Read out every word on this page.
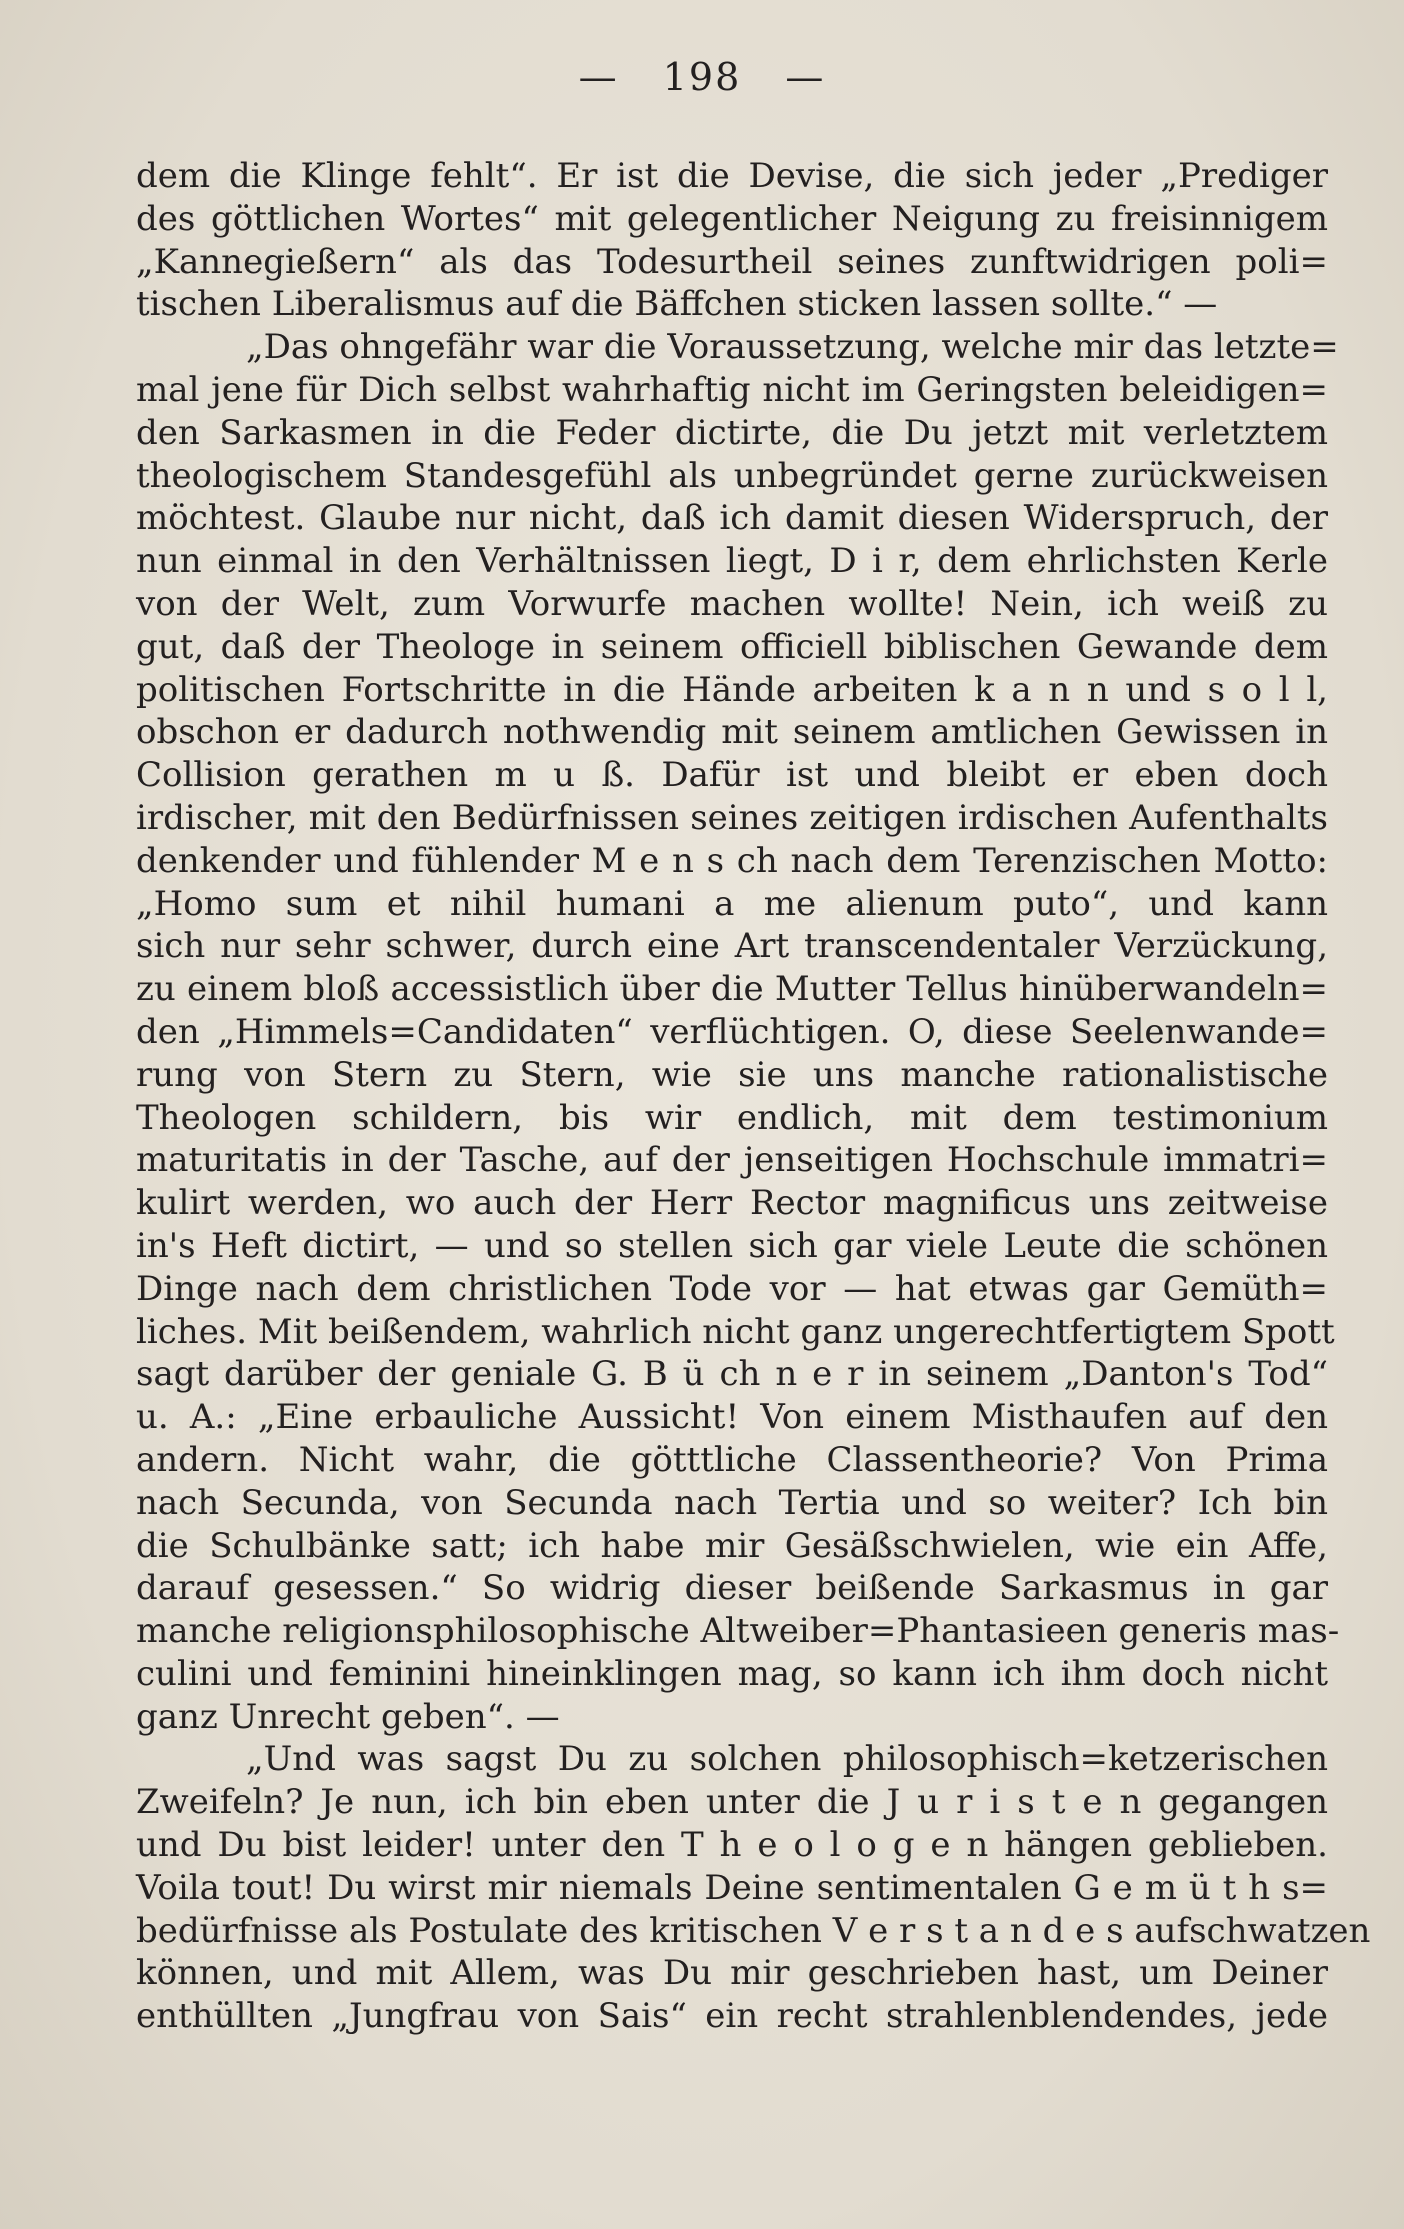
— 198 —
dem die Klinge fehlt“. Er ist die Devise, die sich jeder „Prediger
des göttlichen Wortes“ mit gelegentlicher Neigung zu freisinnigem
„Kannegießern“ als das Todesurtheil seines zunftwidrigen poli=
tischen Liberalismus auf die Bäffchen sticken lassen sollte.“ —
„Das ohngefähr war die Voraussetzung, welche mir das letzte=
mal jene für Dich selbst wahrhaftig nicht im Geringsten beleidigen=
den Sarkasmen in die Feder dictirte, die Du jetzt mit verletztem
theologischem Standesgefühl als unbegründet gerne zurückweisen
möchtest. Glaube nur nicht, daß ich damit diesen Widerspruch, der
nun einmal in den Verhältnissen liegt, D i r, dem ehrlichsten Kerle
von der Welt, zum Vorwurfe machen wollte! Nein, ich weiß zu
gut, daß der Theologe in seinem officiell biblischen Gewande dem
politischen Fortschritte in die Hände arbeiten k a n n und s o l l,
obschon er dadurch nothwendig mit seinem amtlichen Gewissen in
Collision gerathen m u ß. Dafür ist und bleibt er eben doch
irdischer, mit den Bedürfnissen seines zeitigen irdischen Aufenthalts
denkender und fühlender M e n s ch nach dem Terenzischen Motto:
„Homo sum et nihil humani a me alienum puto“, und kann
sich nur sehr schwer, durch eine Art transcendentaler Verzückung,
zu einem bloß accessistlich über die Mutter Tellus hinüberwandeln=
den „Himmels=Candidaten“ verflüchtigen. O, diese Seelenwande=
rung von Stern zu Stern, wie sie uns manche rationalistische
Theologen schildern, bis wir endlich, mit dem testimonium
maturitatis in der Tasche, auf der jenseitigen Hochschule immatri=
kulirt werden, wo auch der Herr Rector magnificus uns zeitweise
in's Heft dictirt, — und so stellen sich gar viele Leute die schönen
Dinge nach dem christlichen Tode vor — hat etwas gar Gemüth=
liches. Mit beißendem, wahrlich nicht ganz ungerechtfertigtem Spott
sagt darüber der geniale G. B ü ch n e r in seinem „Danton's Tod“
u. A.: „Eine erbauliche Aussicht! Von einem Misthaufen auf den
andern. Nicht wahr, die götttliche Classentheorie? Von Prima
nach Secunda, von Secunda nach Tertia und so weiter? Ich bin
die Schulbänke satt; ich habe mir Gesäßschwielen, wie ein Affe,
darauf gesessen.“ So widrig dieser beißende Sarkasmus in gar
manche religionsphilosophische Altweiber=Phantasieen generis mas-
culini und feminini hineinklingen mag, so kann ich ihm doch nicht
ganz Unrecht geben“. —
„Und was sagst Du zu solchen philosophisch=ketzerischen
Zweifeln? Je nun, ich bin eben unter die J u r i s t e n gegangen
und Du bist leider! unter den T h e o l o g e n hängen geblieben.
Voila tout! Du wirst mir niemals Deine sentimentalen G e m ü t h s=
bedürfnisse als Postulate des kritischen V e r s t a n d e s aufschwatzen
können, und mit Allem, was Du mir geschrieben hast, um Deiner
enthüllten „Jungfrau von Sais“ ein recht strahlenblendendes, jede
